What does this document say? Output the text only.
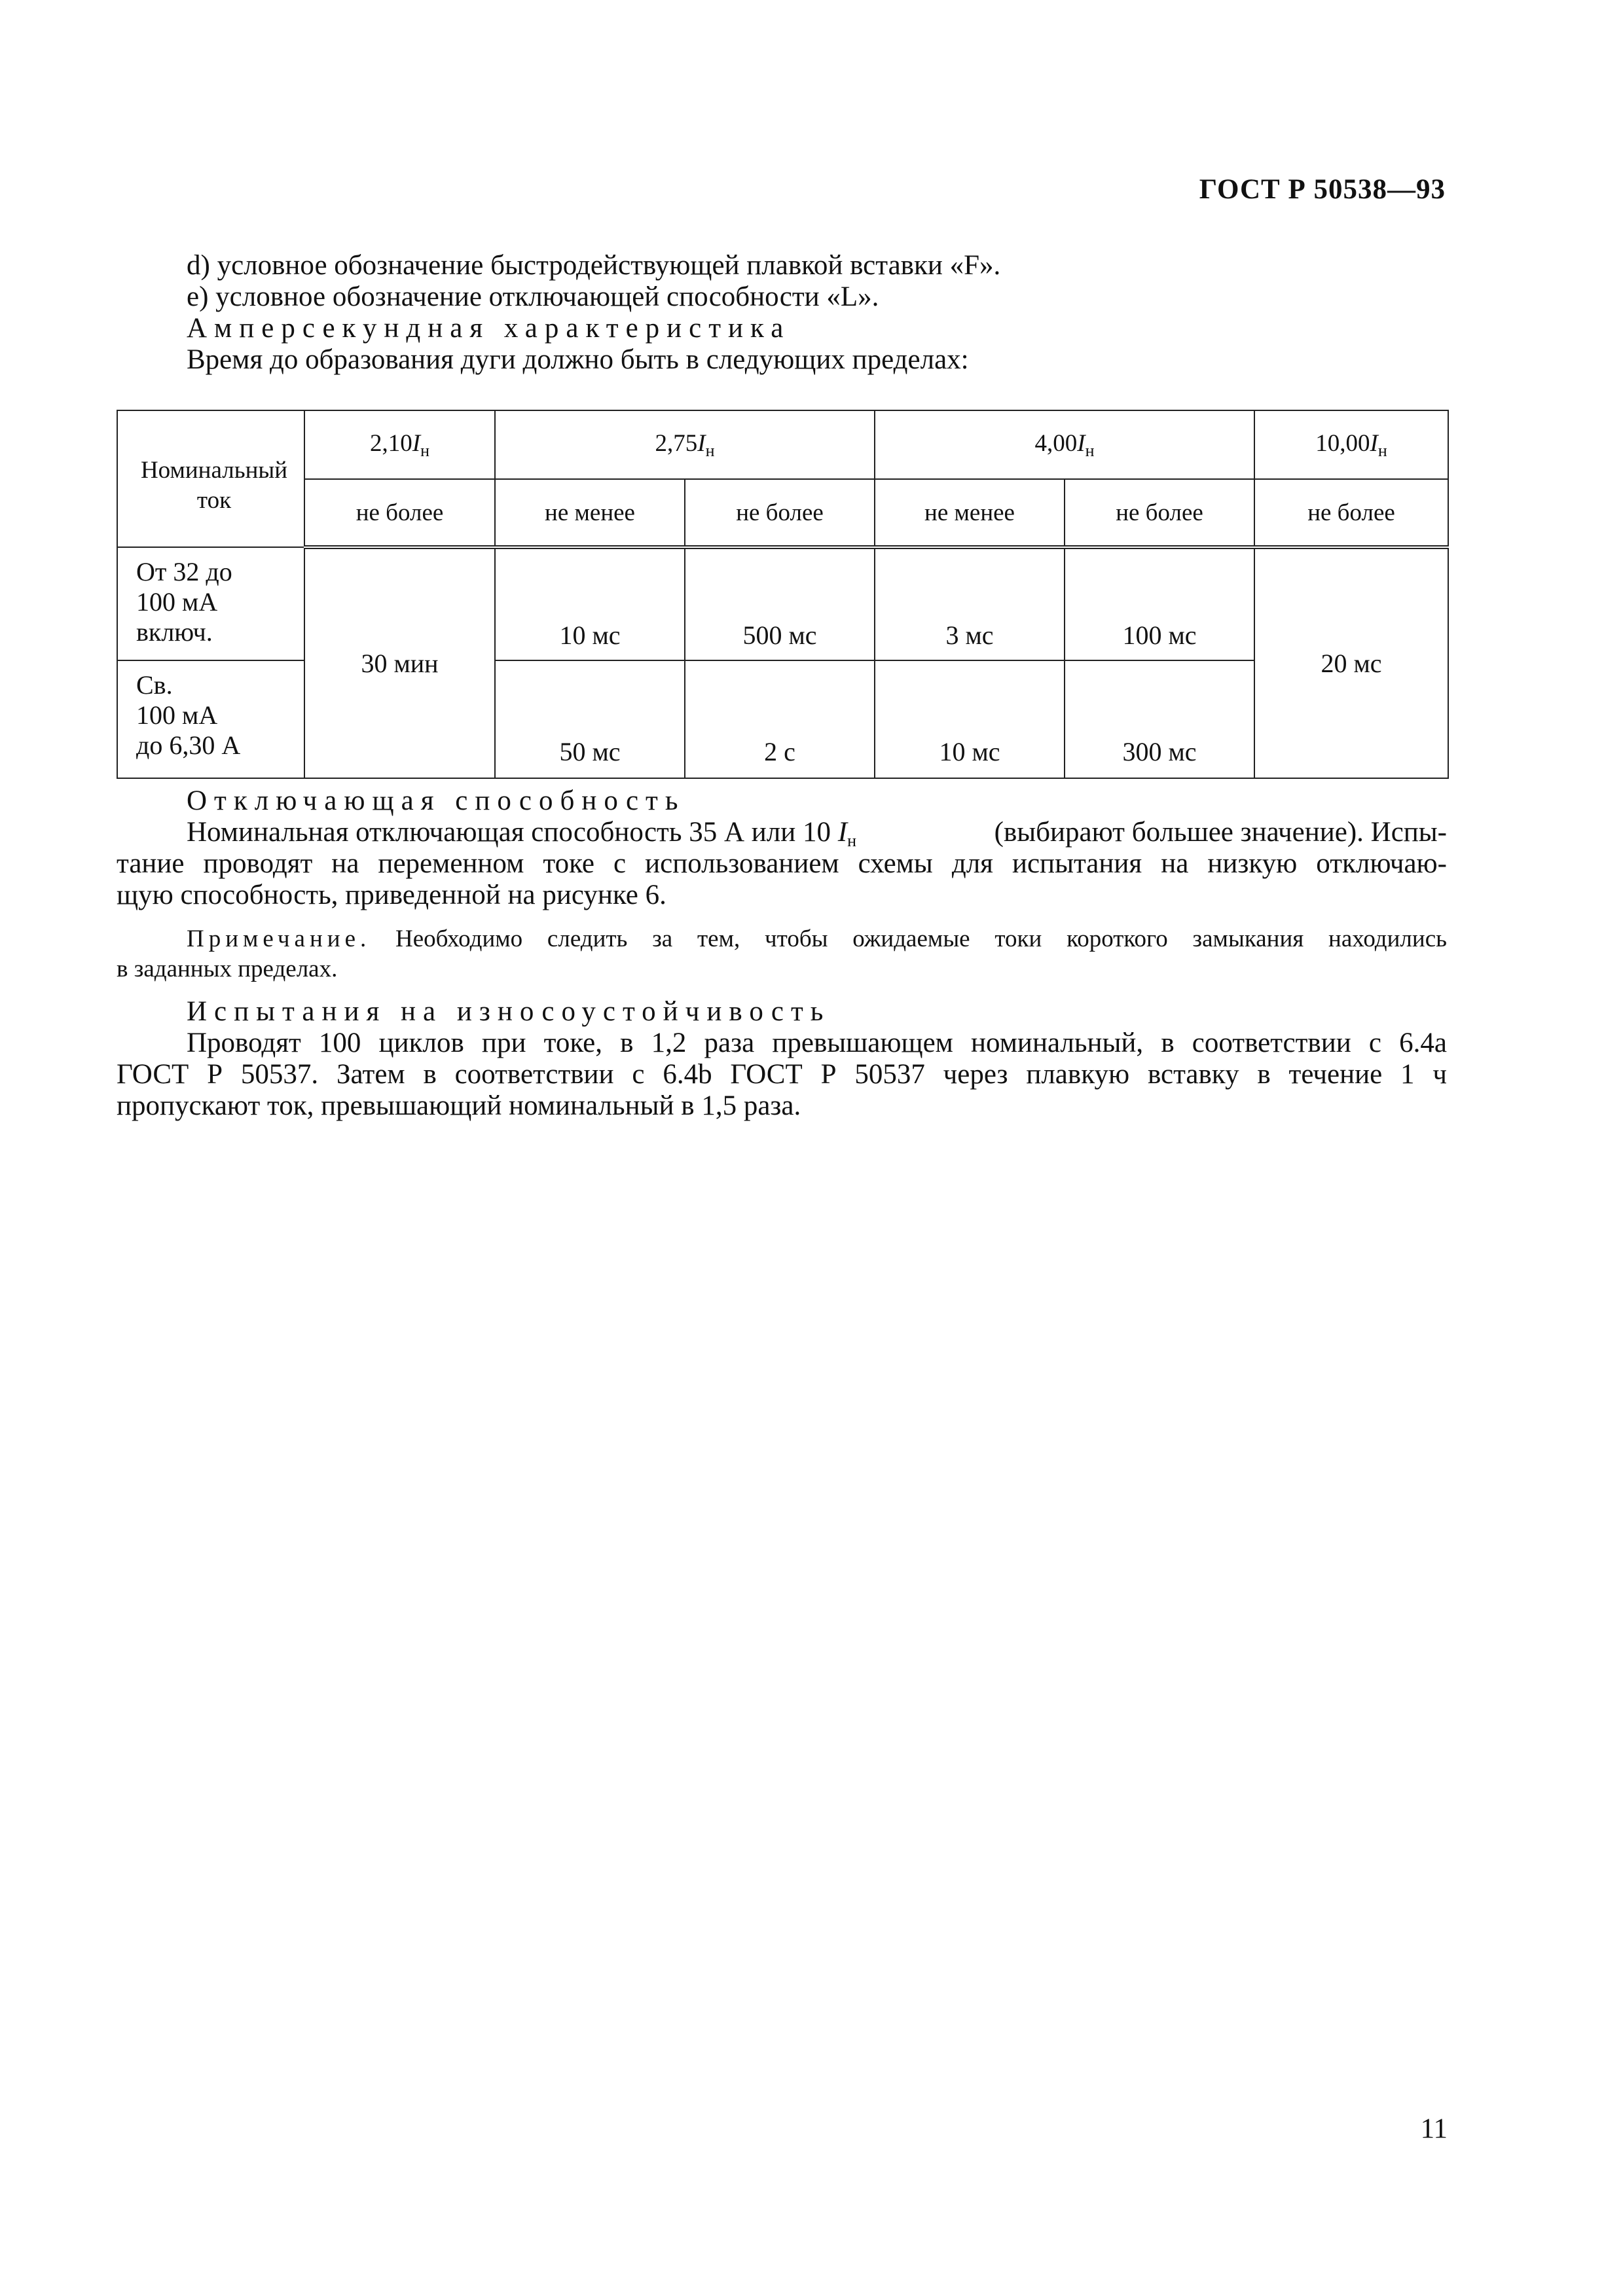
ГОСТ Р 50538—93
d) условное обозначение быстродействующей плавкой вставки «F».
e) условное обозначение отключающей способности «L».
Амперсекундная характеристика
Время до образования дуги должно быть в следующих пределах:
Номинальный ток	$2,10I_н$	$2,75I_н$		$4,00I_н$		$10,00I_н$
	не более	не менее	не более	не менее	не более	не более

От 32 до
100 мА
включ.	30 мин	10 мс	500 мс	3 мс	100 мс	20 мс

Св.
100 мА
до 6,30 А		50 мс	2 с	10 мс	300 мс	
Отключающая способность
Номинальная отключающая способность 35 А или 10 $I_н$	(выбирают большее значение). Испы-
тание проводят на переменном токе с использованием схемы для испытания на низкую отключаю-
щую способность, приведенной на рисунке 6.
Примечание. Необходимо следить за тем, чтобы ожидаемые токи короткого замыкания находились
в заданных пределах.
Испытания на износоустойчивость
Проводят 100 циклов при токе, в 1,2 раза превышающем номинальный, в соответствии с 6.4а
ГОСТ Р 50537. Затем в соответствии с 6.4b ГОСТ Р 50537 через плавкую вставку в течение 1 ч
пропускают ток, превышающий номинальный в 1,5 раза.
11
